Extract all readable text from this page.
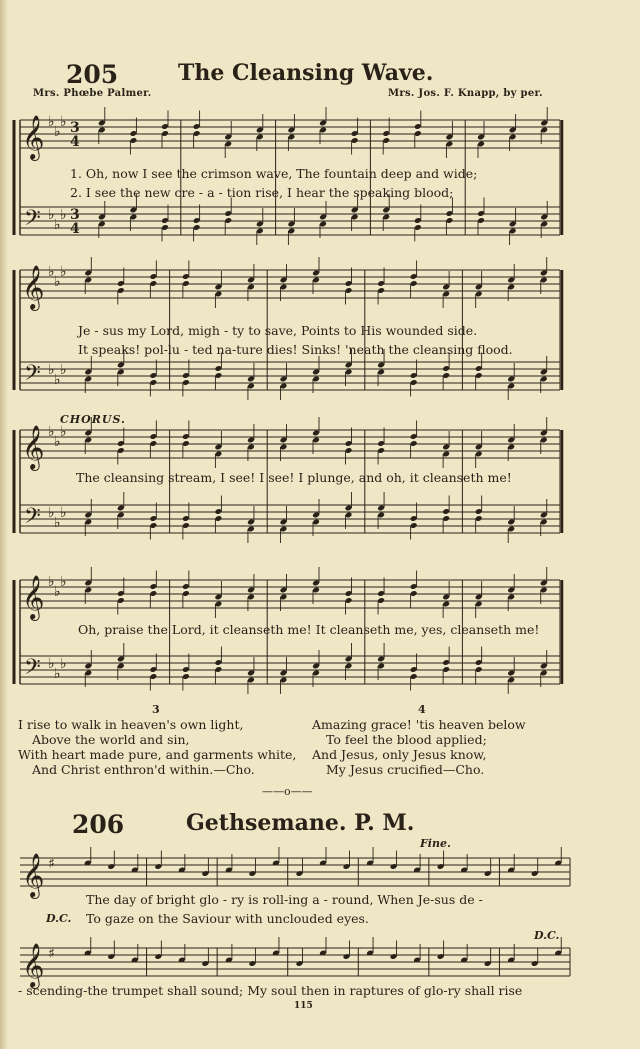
𝄞
𝄢
♭
♭
♭
♭
♭
♭
3
4
3
4
𝄞
𝄢
♭
♭
♭
♭
♭
♭
𝄞
𝄢
♭
♭
♭
♭
♭
♭
𝄞
𝄢
♭
♭
♭
♭
♭
♭
𝄞 ♯
𝄞 ♯
205	The Cleansing Wave.
Mrs. Phœbe Palmer.	Mrs. Jos. F. Knapp, by per.
1. Oh, now I see the crimson wave, The fountain deep and wide;
2. I see the new cre - a - tion rise, I hear the speaking blood;
Je - sus my Lord, migh - ty to save, Points to His wounded side.
It speaks! pol-lu - ted na-ture dies! Sinks! 'neath the cleansing flood.
CHORUS.
The cleansing stream, I see! I see! I plunge, and oh, it cleanseth me!
Oh, praise the Lord, it cleanseth me! It cleanseth me, yes, cleanseth me!
3
I rise to walk in heaven's own light,
Above the world and sin,
With heart made pure, and garments white,
And Christ enthron'd within.—Cho.
4
Amazing grace! 'tis heaven below
To feel the blood applied;
And Jesus, only Jesus know,
My Jesus crucified—Cho.
——o——
206	Gethsemane. P. M.
Fine.
The day of bright glo - ry is roll-ing a - round, When Je-sus de -
D.C. To gaze on the Saviour with unclouded eyes.
D.C.
- scending-the trumpet shall sound; My soul then in raptures of glo-ry shall rise
115
